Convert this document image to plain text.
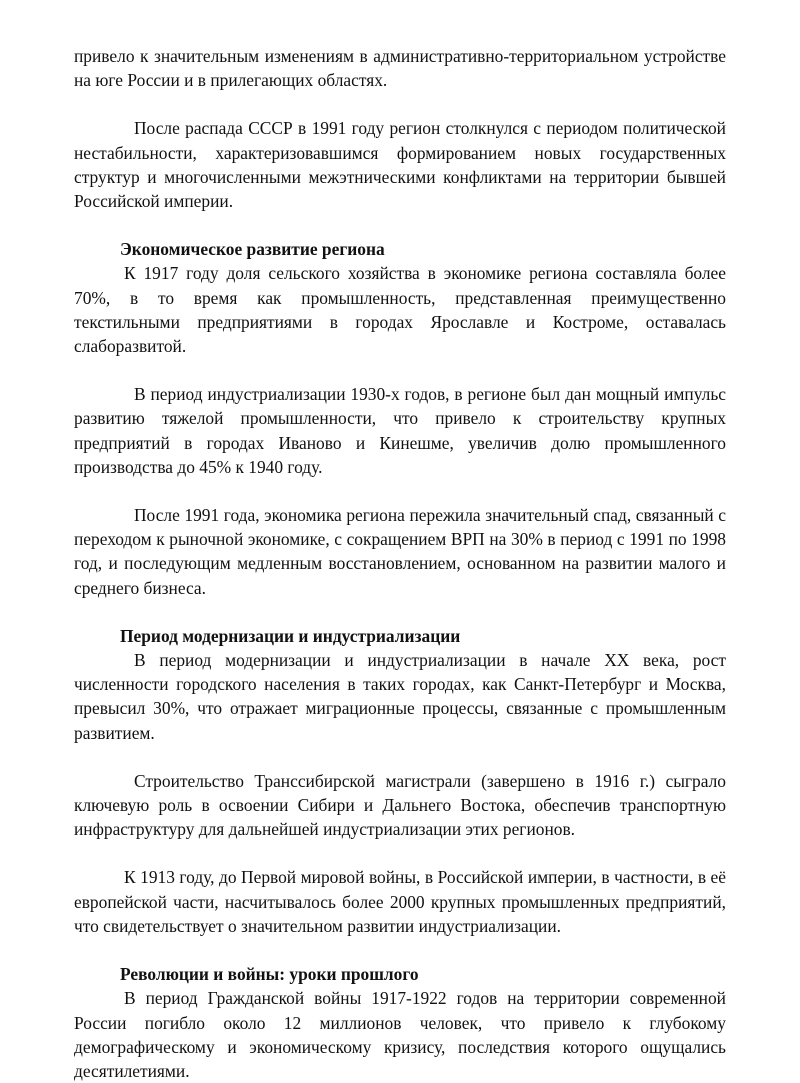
привело к значительным изменениям в административно-территориальном устройстве на юге России и в прилегающих областях.

После распада СССР в 1991 году регион столкнулся с периодом политической нестабильности, характеризовавшимся формированием новых государственных структур и многочисленными межэтническими конфликтами на территории бывшей Российской империи.

Экономическое развитие региона

К 1917 году доля сельского хозяйства в экономике региона составляла более 70%, в то время как промышленность, представленная преимущественно текстильными предприятиями в городах Ярославле и Костроме, оставалась слаборазвитой.

В период индустриализации 1930-х годов, в регионе был дан мощный импульс развитию тяжелой промышленности, что привело к строительству крупных предприятий в городах Иваново и Кинешме, увеличив долю промышленного производства до 45% к 1940 году.

После 1991 года, экономика региона пережила значительный спад, связанный с переходом к рыночной экономике, с сокращением ВРП на 30% в период с 1991 по 1998 год, и последующим медленным восстановлением, основанном на развитии малого и среднего бизнеса.

Период модернизации и индустриализации

В период модернизации и индустриализации в начале XX века, рост численности городского населения в таких городах, как Санкт-Петербург и Москва, превысил 30%, что отражает миграционные процессы, связанные с промышленным развитием.

Строительство Транссибирской магистрали (завершено в 1916 г.) сыграло ключевую роль в освоении Сибири и Дальнего Востока, обеспечив транспортную инфраструктуру для дальнейшей индустриализации этих регионов.

К 1913 году, до Первой мировой войны, в Российской империи, в частности, в её европейской части, насчитывалось более 2000 крупных промышленных предприятий, что свидетельствует о значительном развитии индустриализации.

Революции и войны: уроки прошлого

В период Гражданской войны 1917-1922 годов на территории современной России погибло около 12 миллионов человек, что привело к глубокому демографическому и экономическому кризису, последствия которого ощущались десятилетиями.
